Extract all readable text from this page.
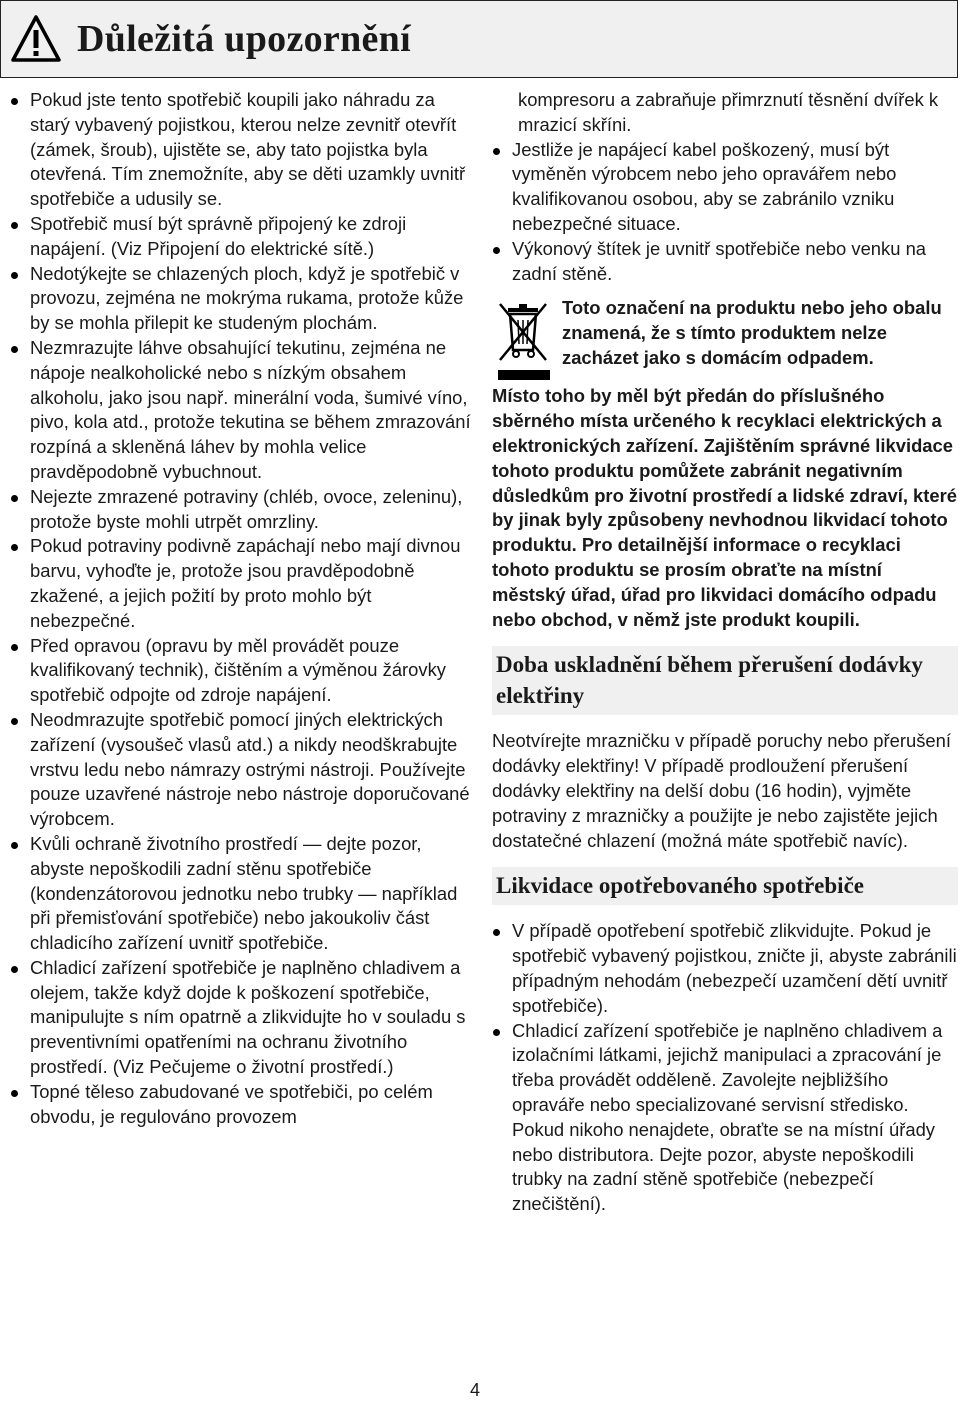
Důležitá upozornění
Pokud jste tento spotřebič koupili jako náhradu za starý vybavený pojistkou, kterou nelze zevnitř otevřít (zámek, šroub), ujistěte se, aby tato pojistka byla otevřená. Tím znemožníte, aby se děti uzamkly uvnitř spotřebiče a udusily se.
Spotřebič musí být správně připojený ke zdroji napájení. (Viz Připojení do elektrické sítě.)
Nedotýkejte se chlazených ploch, když je spotřebič v provozu, zejména ne mokrýma rukama, protože kůže by se mohla přilepit ke studeným plochám.
Nezmrazujte láhve obsahující tekutinu, zejména ne nápoje nealkoholické nebo s nízkým obsahem alkoholu, jako jsou např. minerální voda, šumivé víno, pivo, kola atd., protože tekutina se během zmrazování rozpíná a skleněná láhev by mohla velice pravděpodobně vybuchnout.
Nejezte zmrazené potraviny (chléb, ovoce, zeleninu), protože byste mohli utrpět omrzliny.
Pokud potraviny podivně zapáchají nebo mají divnou barvu, vyhoďte je, protože jsou pravděpodobně zkažené, a jejich požití by proto mohlo být nebezpečné.
Před opravou (opravu by měl provádět pouze kvalifikovaný technik), čištěním a výměnou žárovky spotřebič odpojte od zdroje napájení.
Neodmrazujte spotřebič pomocí jiných elektrických zařízení (vysoušeč vlasů atd.) a nikdy neodškrabujte vrstvu ledu nebo námrazy ostrými nástroji. Používejte pouze uzavřené nástroje nebo nástroje doporučované výrobcem.
Kvůli ochraně životního prostředí — dejte pozor, abyste nepoškodili zadní stěnu spotřebiče (kondenzátorovou jednotku nebo trubky — například při přemisťování spotřebiče) nebo jakoukoliv část chladicího zařízení uvnitř spotřebiče.
Chladicí zařízení spotřebiče je naplněno chladivem a olejem, takže když dojde k poškození spotřebiče, manipulujte s ním opatrně a zlikvidujte ho v souladu s preventivními opatřeními na ochranu životního prostředí. (Viz Pečujeme o životní prostředí.)
Topné těleso zabudované ve spotřebiči, po celém obvodu, je regulováno provozem
kompresoru a zabraňuje přimrznutí těsnění dvířek k mrazicí skříni.
Jestliže je napájecí kabel poškozený, musí být vyměněn výrobcem nebo jeho opravářem nebo kvalifikovanou osobou, aby se zabránilo vzniku nebezpečné situace.
Výkonový štítek je uvnitř spotřebiče nebo venku na zadní stěně.
Toto označení na produktu nebo jeho obalu znamená, že s tímto produktem nelze zacházet jako s domácím odpadem.
Místo toho by měl být předán do příslušného sběrného místa určeného k recyklaci elektrických a elektronických zařízení. Zajištěním správné likvidace tohoto produktu pomůžete zabránit negativním důsledkům pro životní prostředí a lidské zdraví, které by jinak byly způsobeny nevhodnou likvidací tohoto produktu. Pro detailnější informace o recyklaci tohoto produktu se prosím obraťte na místní městský úřad, úřad pro likvidaci domácího odpadu nebo obchod, v němž jste produkt koupili.
Doba uskladnění během přerušení dodávky elektřiny
Neotvírejte mrazničku v případě poruchy nebo přerušení dodávky elektřiny! V případě prodloužení přerušení dodávky elektřiny na delší dobu (16 hodin), vyjměte potraviny z mrazničky a použijte je nebo zajistěte jejich dostatečné chlazení (možná máte spotřebič navíc).
Likvidace opotřebovaného spotřebiče
V případě opotřebení spotřebič zlikvidujte. Pokud je spotřebič vybavený pojistkou, zničte ji, abyste zabránili případným nehodám (nebezpečí uzamčení dětí uvnitř spotřebiče).
Chladicí zařízení spotřebiče je naplněno chladivem a izolačními látkami, jejichž manipulaci a zpracování je třeba provádět odděleně. Zavolejte nejbližšího opraváře nebo specializované servisní středisko. Pokud nikoho nenajdete, obraťte se na místní úřady nebo distributora. Dejte pozor, abyste nepoškodili trubky na zadní stěně spotřebiče (nebezpečí znečištění).
4
